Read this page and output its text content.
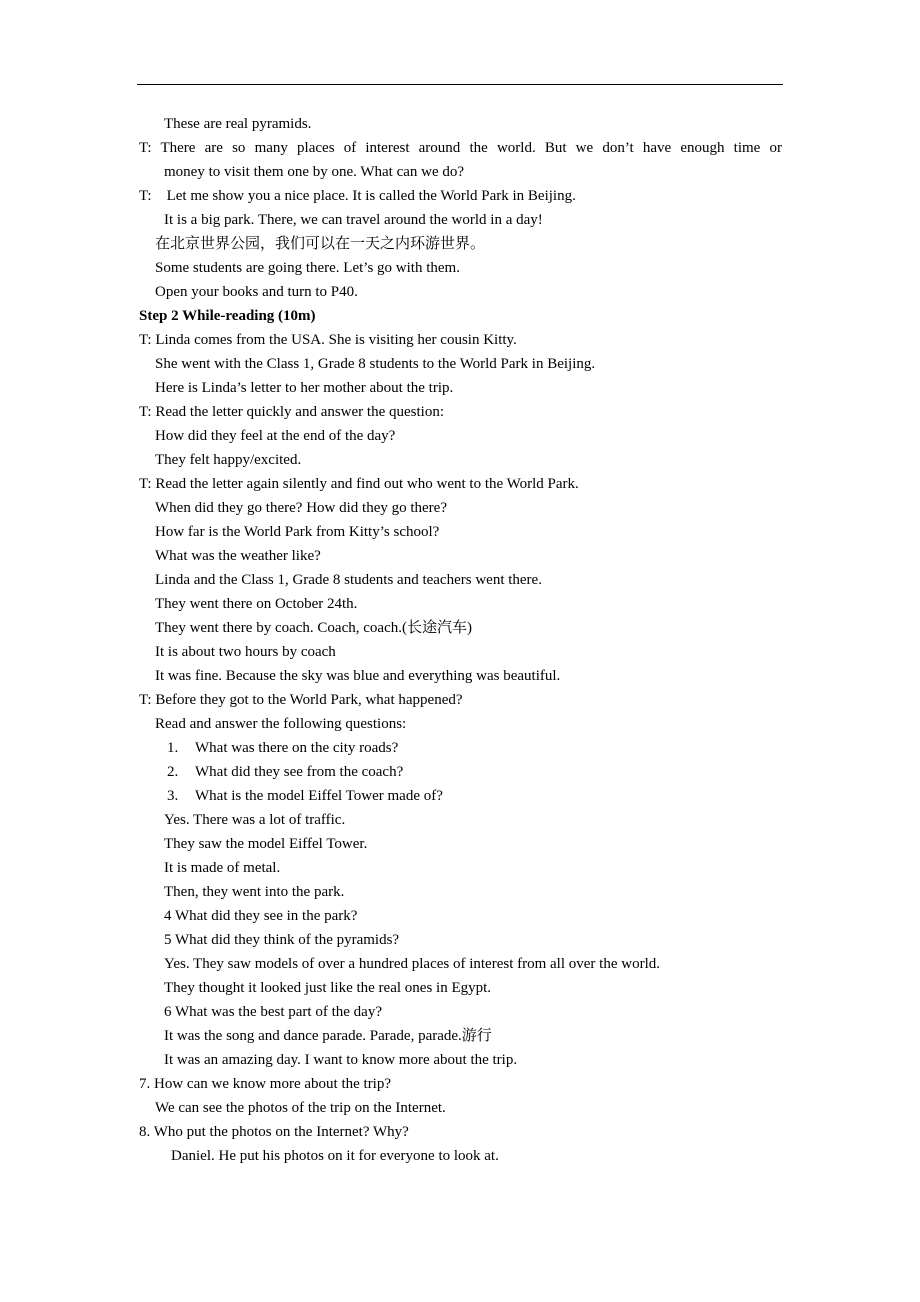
These are real pyramids.
T: There are so many places of interest around the world. But we don’t have enough time or
money to visit them one by one. What can we do?
T:    Let me show you a nice place. It is called the World Park in Beijing.
It is a big park. There, we can travel around the world in a day!
在北京世界公园，我们可以在一天之内环游世界。
Some students are going there. Let’s go with them.
Open your books and turn to P40.
Step 2 While-reading (10m)
T: Linda comes from the USA. She is visiting her cousin Kitty.
She went with the Class 1, Grade 8 students to the World Park in Beijing.
Here is Linda’s letter to her mother about the trip.
T: Read the letter quickly and answer the question:
How did they feel at the end of the day?
They felt happy/excited.
T: Read the letter again silently and find out who went to the World Park.
When did they go there? How did they go there?
How far is the World Park from Kitty’s school?
What was the weather like?
Linda and the Class 1, Grade 8 students and teachers went there.
They went there on October 24th.
They went there by coach. Coach, coach.(长途汽车)
It is about two hours by coach
It was fine. Because the sky was blue and everything was beautiful.
T: Before they got to the World Park, what happened?
Read and answer the following questions:
1. What was there on the city roads?
2. What did they see from the coach?
3. What is the model Eiffel Tower made of?
Yes. There was a lot of traffic.
They saw the model Eiffel Tower.
It is made of metal.
Then, they went into the park.
4 What did they see in the park?
5 What did they think of the pyramids?
Yes. They saw models of over a hundred places of interest from all over the world.
They thought it looked just like the real ones in Egypt.
6 What was the best part of the day?
It was the song and dance parade. Parade, parade.游行
It was an amazing day. I want to know more about the trip.
7. How can we know more about the trip?
We can see the photos of the trip on the Internet.
8. Who put the photos on the Internet? Why?
Daniel. He put his photos on it for everyone to look at.
